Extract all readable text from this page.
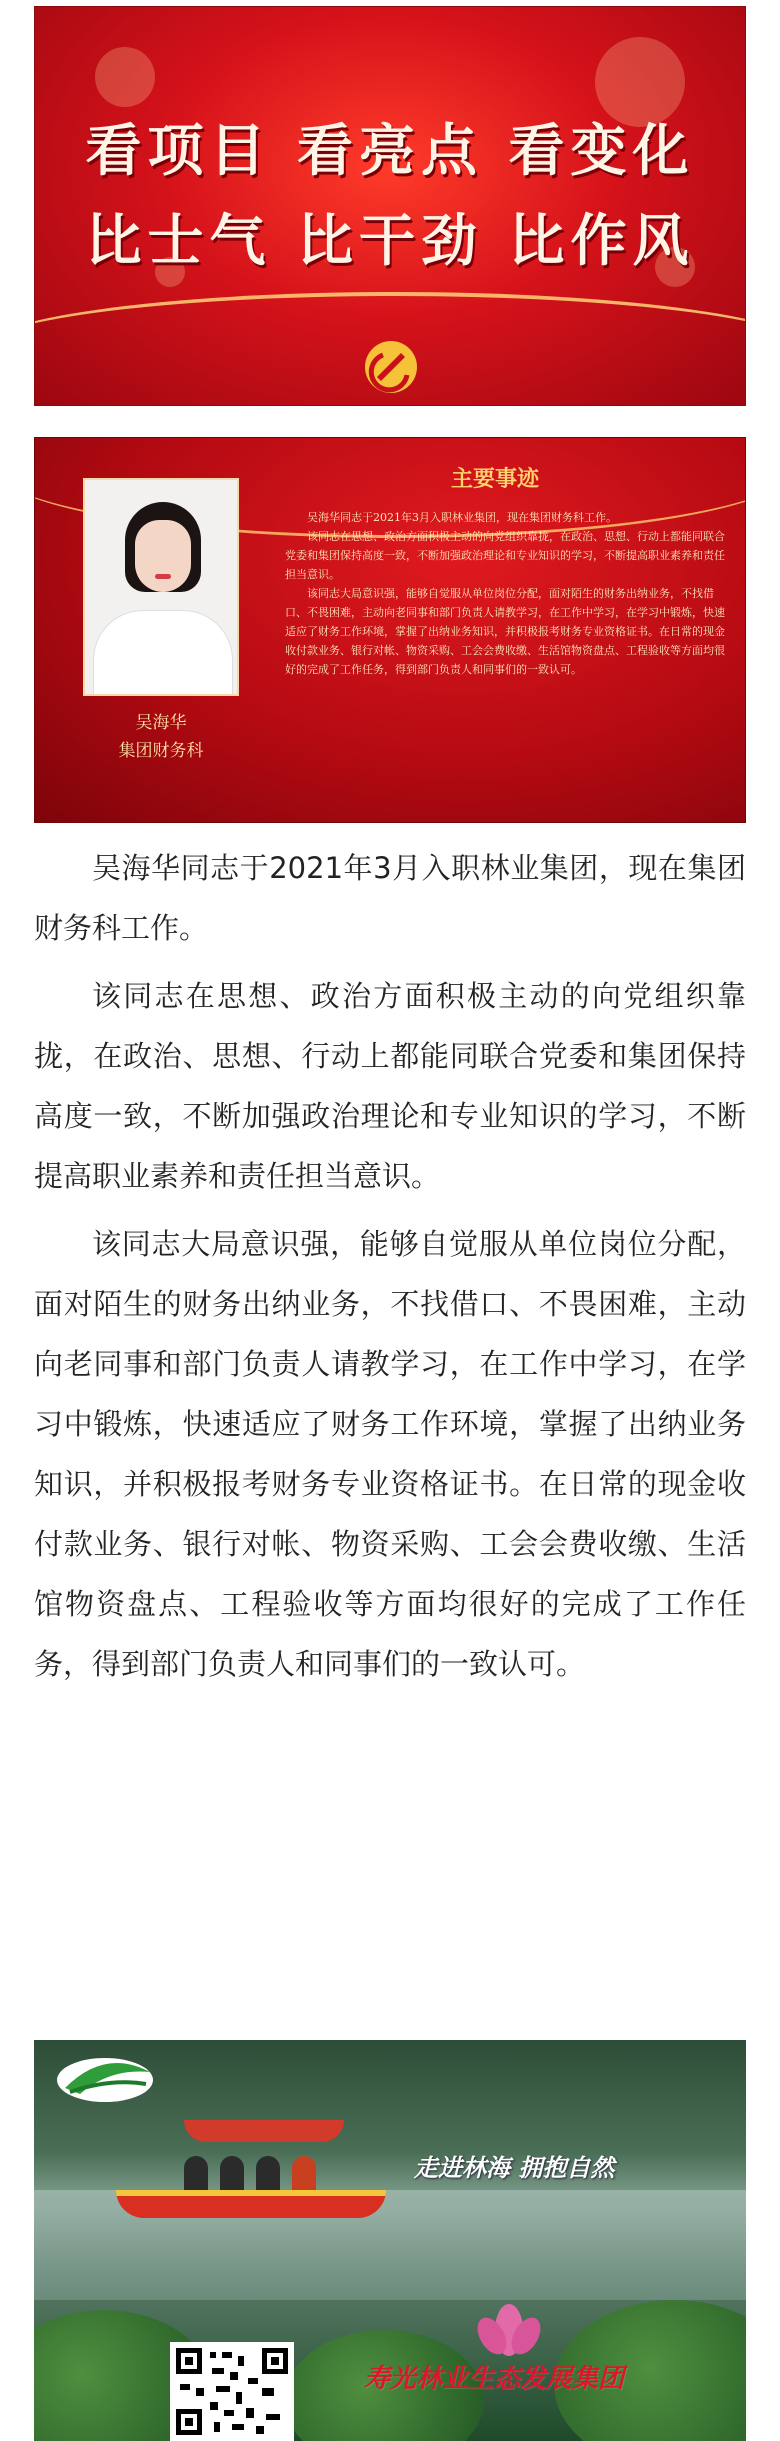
看项目 看亮点 看变化
比士气 比干劲 比作风
吴海华
集团财务科
主要事迹

吴海华同志于2021年3月入职林业集团，现在集团财务科工作。

该同志在思想、政治方面积极主动的向党组织靠拢，在政治、思想、行动上都能同联合党委和集团保持高度一致，不断加强政治理论和专业知识的学习，不断提高职业素养和责任担当意识。

该同志大局意识强，能够自觉服从单位岗位分配，面对陌生的财务出纳业务，不找借口、不畏困难，主动向老同事和部门负责人请教学习，在工作中学习，在学习中锻炼，快速适应了财务工作环境，掌握了出纳业务知识，并积极报考财务专业资格证书。在日常的现金收付款业务、银行对帐、物资采购、工会会费收缴、生活馆物资盘点、工程验收等方面均很好的完成了工作任务，得到部门负责人和同事们的一致认可。

吴海华同志于2021年3月入职林业集团，现在集团财务科工作。

该同志在思想、政治方面积极主动的向党组织靠拢，在政治、思想、行动上都能同联合党委和集团保持高度一致，不断加强政治理论和专业知识的学习，不断提高职业素养和责任担当意识。

该同志大局意识强，能够自觉服从单位岗位分配，面对陌生的财务出纳业务，不找借口、不畏困难，主动向老同事和部门负责人请教学习，在工作中学习，在学习中锻炼，快速适应了财务工作环境，掌握了出纳业务知识，并积极报考财务专业资格证书。在日常的现金收付款业务、银行对帐、物资采购、工会会费收缴、生活馆物资盘点、工程验收等方面均很好的完成了工作任务，得到部门负责人和同事们的一致认可。

走进林海 拥抱自然
寿光林业生态发展集团
